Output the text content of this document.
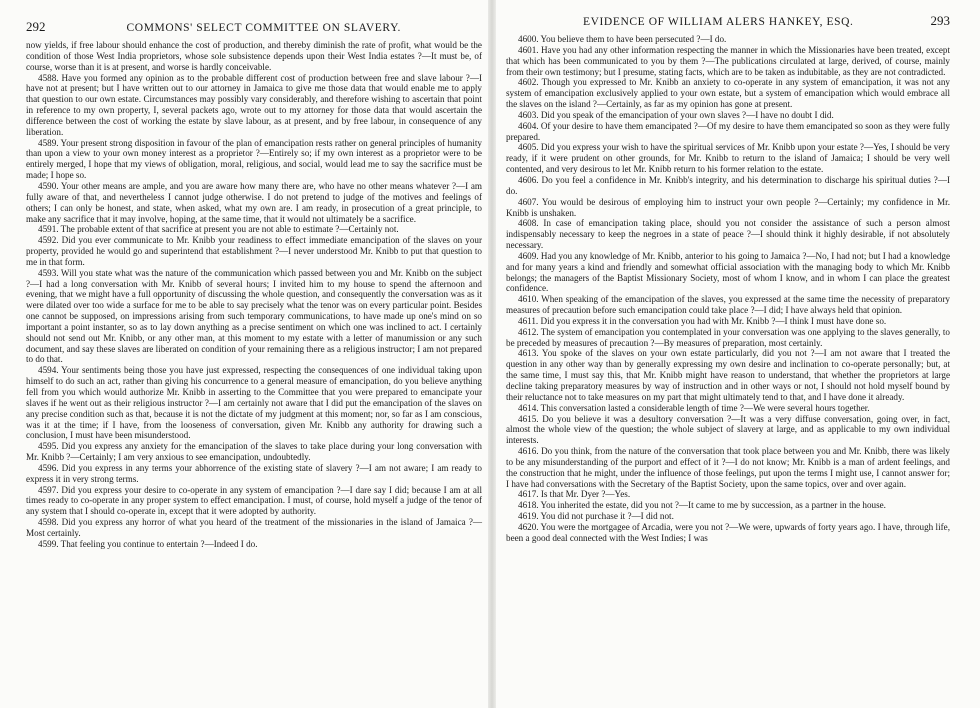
292	COMMONS' SELECT COMMITTEE ON SLAVERY.

now yields, if free labour should enhance the cost of production, and thereby diminish the rate of profit, what would be the condition of those West India proprietors, whose sole subsistence depends upon their West India estates ?—It must be, of course, worse than it is at present, and worse is hardly conceivable.

4588. Have you formed any opinion as to the probable different cost of production between free and slave labour ?—I have not at present; but I have written out to our attorney in Jamaica to give me those data that would enable me to apply that question to our own estate. Circumstances may possibly vary considerably, and therefore wishing to ascertain that point in reference to my own property, I, several packets ago, wrote out to my attorney for those data that would ascertain the difference between the cost of working the estate by slave labour, as at present, and by free labour, in consequence of any liberation.

4589. Your present strong disposition in favour of the plan of emancipation rests rather on general principles of humanity than upon a view to your own money interest as a proprietor ?—Entirely so; if my own interest as a proprietor were to be entirely merged, I hope that my views of obligation, moral, religious, and social, would lead me to say the sacrifice must be made; I hope so.

4590. Your other means are ample, and you are aware how many there are, who have no other means whatever ?—I am fully aware of that, and nevertheless I cannot judge otherwise. I do not pretend to judge of the motives and feelings of others; I can only be honest, and state, when asked, what my own are. I am ready, in prosecution of a great principle, to make any sacrifice that it may involve, hoping, at the same time, that it would not ultimately be a sacrifice.

4591. The probable extent of that sacrifice at present you are not able to estimate ?—Certainly not.

4592. Did you ever communicate to Mr. Knibb your readiness to effect immediate emancipation of the slaves on your property, provided he would go and superintend that establishment ?—I never understood Mr. Knibb to put that question to me in that form.

4593. Will you state what was the nature of the communication which passed between you and Mr. Knibb on the subject ?—I had a long conversation with Mr. Knibb of several hours; I invited him to my house to spend the afternoon and evening, that we might have a full opportunity of discussing the whole question, and consequently the conversation was as it were dilated over too wide a surface for me to be able to say precisely what the tenor was on every particular point. Besides one cannot be supposed, on impressions arising from such temporary communications, to have made up one's mind on so important a point instanter, so as to lay down anything as a precise sentiment on which one was inclined to act. I certainly should not send out Mr. Knibb, or any other man, at this moment to my estate with a letter of manumission or any such document, and say these slaves are liberated on condition of your remaining there as a religious instructor; I am not prepared to do that.

4594. Your sentiments being those you have just expressed, respecting the consequences of one individual taking upon himself to do such an act, rather than giving his concurrence to a general measure of emancipation, do you believe anything fell from you which would authorize Mr. Knibb in asserting to the Committee that you were prepared to emancipate your slaves if he went out as their religious instructor ?—I am certainly not aware that I did put the emancipation of the slaves on any precise condition such as that, because it is not the dictate of my judgment at this moment; nor, so far as I am conscious, was it at the time; if I have, from the looseness of conversation, given Mr. Knibb any authority for drawing such a conclusion, I must have been misunderstood.

4595. Did you express any anxiety for the emancipation of the slaves to take place during your long conversation with Mr. Knibb ?—Certainly; I am very anxious to see emancipation, undoubtedly.

4596. Did you express in any terms your abhorrence of the existing state of slavery ?—I am not aware; I am ready to express it in very strong terms.

4597. Did you express your desire to co-operate in any system of emancipation ?—I dare say I did; because I am at all times ready to co-operate in any proper system to effect emancipation. I must, of course, hold myself a judge of the tenor of any system that I should co-operate in, except that it were adopted by authority.

4598. Did you express any horror of what you heard of the treatment of the missionaries in the island of Jamaica ?—Most certainly.

4599. That feeling you continue to entertain ?—Indeed I do.

EVIDENCE OF WILLIAM ALERS HANKEY, ESQ.	293

4600. You believe them to have been persecuted ?—I do.

4601. Have you had any other information respecting the manner in which the Missionaries have been treated, except that which has been communicated to you by them ?—The publications circulated at large, derived, of course, mainly from their own testimony; but I presume, stating facts, which are to be taken as indubitable, as they are not contradicted.

4602. Though you expressed to Mr. Knibb an anxiety to co-operate in any system of emancipation, it was not any system of emancipation exclusively applied to your own estate, but a system of emancipation which would embrace all the slaves on the island ?—Certainly, as far as my opinion has gone at present.

4603. Did you speak of the emancipation of your own slaves ?—I have no doubt I did.

4604. Of your desire to have them emancipated ?—Of my desire to have them emancipated so soon as they were fully prepared.

4605. Did you express your wish to have the spiritual services of Mr. Knibb upon your estate ?—Yes, I should be very ready, if it were prudent on other grounds, for Mr. Knibb to return to the island of Jamaica; I should be very well contented, and very desirous to let Mr. Knibb return to his former relation to the estate.

4606. Do you feel a confidence in Mr. Knibb's integrity, and his determination to discharge his spiritual duties ?—I do.

4607. You would be desirous of employing him to instruct your own people ?—Certainly; my confidence in Mr. Knibb is unshaken.

4608. In case of emancipation taking place, should you not consider the assistance of such a person almost indispensably necessary to keep the negroes in a state of peace ?—I should think it highly desirable, if not absolutely necessary.

4609. Had you any knowledge of Mr. Knibb, anterior to his going to Jamaica ?—No, I had not; but I had a knowledge and for many years a kind and friendly and somewhat official association with the managing body to which Mr. Knibb belongs; the managers of the Baptist Missionary Society, most of whom I know, and in whom I can place the greatest confidence.

4610. When speaking of the emancipation of the slaves, you expressed at the same time the necessity of preparatory measures of precaution before such emancipation could take place ?—I did; I have always held that opinion.

4611. Did you express it in the conversation you had with Mr. Knibb ?—I think I must have done so.

4612. The system of emancipation you contemplated in your conversation was one applying to the slaves generally, to be preceded by measures of precaution ?—By measures of preparation, most certainly.

4613. You spoke of the slaves on your own estate particularly, did you not ?—I am not aware that I treated the question in any other way than by generally expressing my own desire and inclination to co-operate personally; but, at the same time, I must say this, that Mr. Knibb might have reason to understand, that whether the proprietors at large decline taking preparatory measures by way of instruction and in other ways or not, I should not hold myself bound by their reluctance not to take measures on my part that might ultimately tend to that, and I have done it already.

4614. This conversation lasted a considerable length of time ?—We were several hours together.

4615. Do you believe it was a desultory conversation ?—It was a very diffuse conversation, going over, in fact, almost the whole view of the question; the whole subject of slavery at large, and as applicable to my own individual interests.

4616. Do you think, from the nature of the conversation that took place between you and Mr. Knibb, there was likely to be any misunderstanding of the purport and effect of it ?—I do not know; Mr. Knibb is a man of ardent feelings, and the construction that he might, under the influence of those feelings, put upon the terms I might use, I cannot answer for; I have had conversations with the Secretary of the Baptist Society, upon the same topics, over and over again.

4617. Is that Mr. Dyer ?—Yes.

4618. You inherited the estate, did you not ?—It came to me by succession, as a partner in the house.

4619. You did not purchase it ?—I did not.

4620. You were the mortgagee of Arcadia, were you not ?—We were, upwards of forty years ago. I have, through life, been a good deal connected with the West Indies; I was
